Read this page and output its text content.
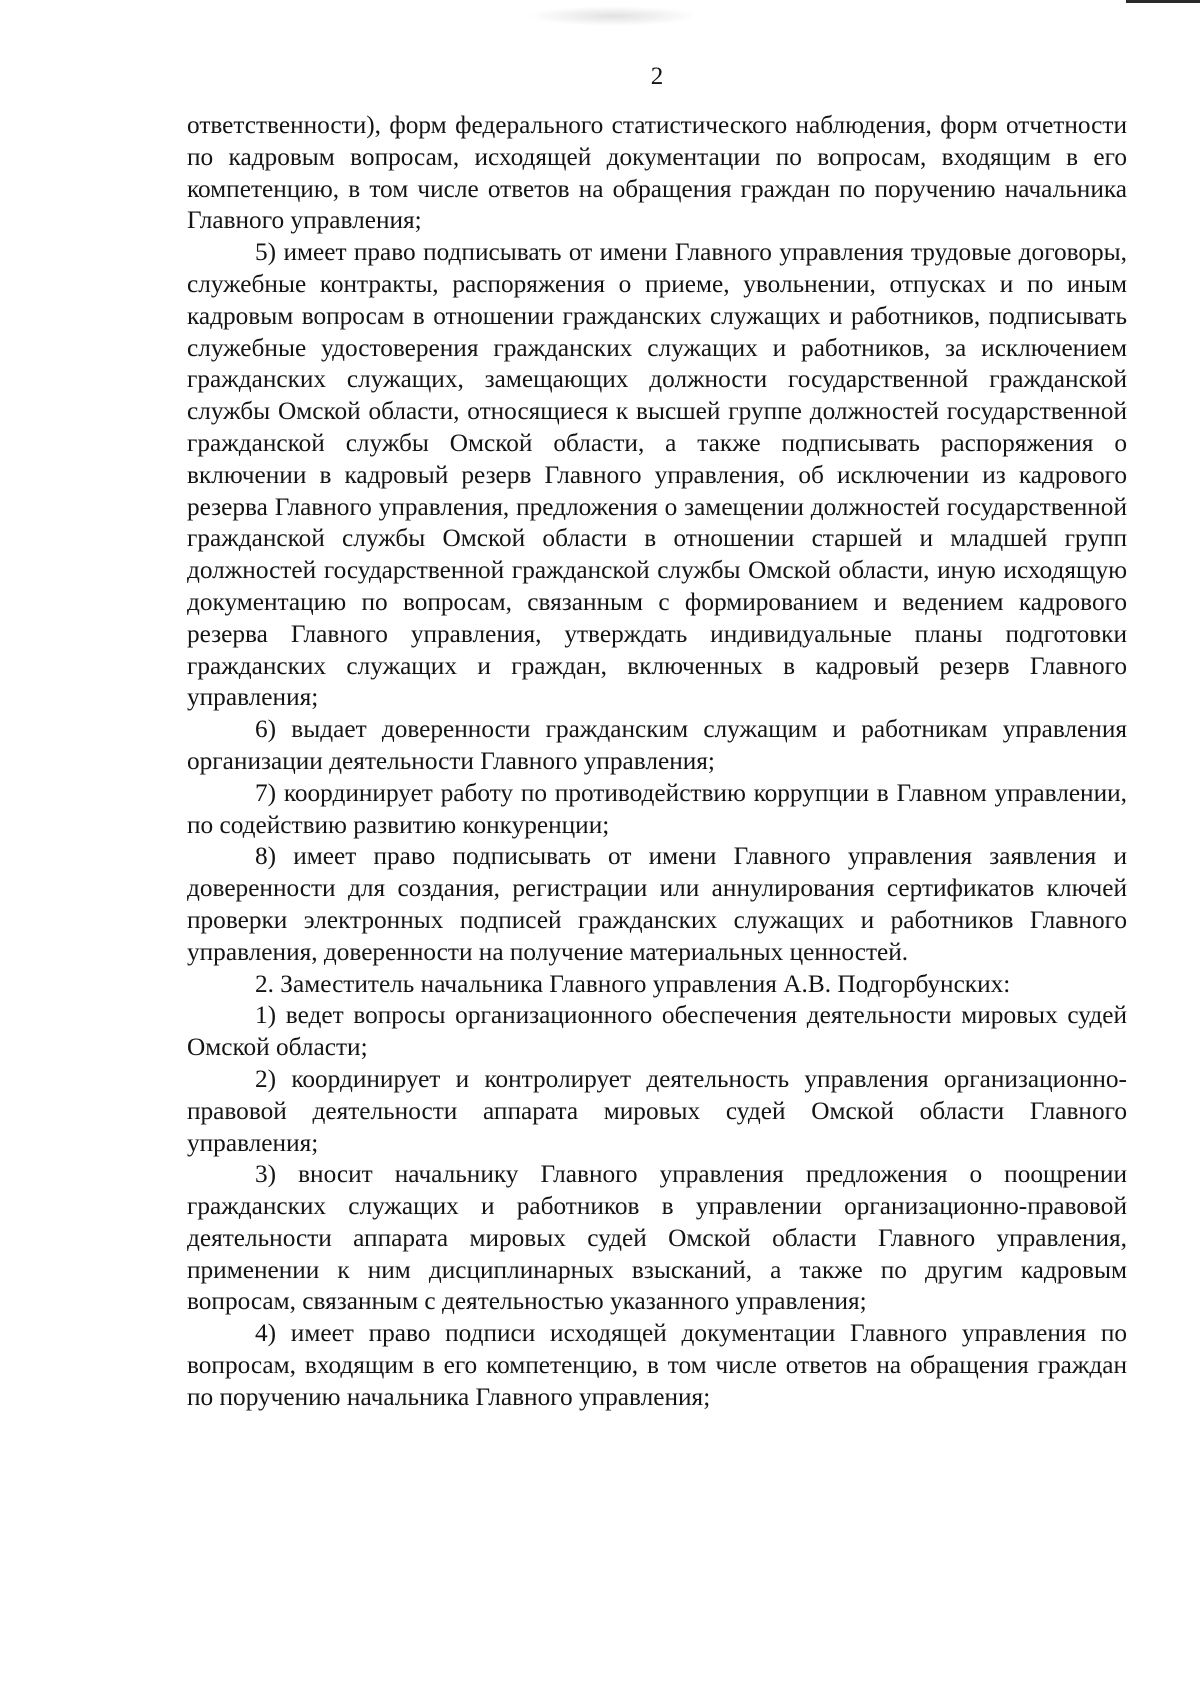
2

ответственности), форм федерального статистического наблюдения, форм отчетности по кадровым вопросам, исходящей документации по вопросам, входящим в его компетенцию, в том числе ответов на обращения граждан по поручению начальника Главного управления;

5) имеет право подписывать от имени Главного управления трудовые договоры, служебные контракты, распоряжения о приеме, увольнении, отпусках и по иным кадровым вопросам в отношении гражданских служащих и работников, подписывать служебные удостоверения гражданских служащих и работников, за исключением гражданских служащих, замещающих должности государственной гражданской службы Омской области, относящиеся к высшей группе должностей государственной гражданской службы Омской области, а также подписывать распоряжения о включении в кадровый резерв Главного управления, об исключении из кадрового резерва Главного управления, предложения о замещении должностей государственной гражданской службы Омской области в отношении старшей и младшей групп должностей государственной гражданской службы Омской области, иную исходящую документацию по вопросам, связанным с формированием и ведением кадрового резерва Главного управления, утверждать индивидуальные планы подготовки гражданских служащих и граждан, включенных в кадровый резерв Главного управления;

6) выдает доверенности гражданским служащим и работникам управления организации деятельности Главного управления;

7) координирует работу по противодействию коррупции в Главном управлении, по содействию развитию конкуренции;

8) имеет право подписывать от имени Главного управления заявления и доверенности для создания, регистрации или аннулирования сертификатов ключей проверки электронных подписей гражданских служащих и работников Главного управления, доверенности на получение материальных ценностей.

2. Заместитель начальника Главного управления А.В. Подгорбунских:

1) ведет вопросы организационного обеспечения деятельности мировых судей Омской области;

2) координирует и контролирует деятельность управления организационно-правовой деятельности аппарата мировых судей Омской области Главного управления;

3) вносит начальнику Главного управления предложения о поощрении гражданских служащих и работников в управлении организационно-правовой деятельности аппарата мировых судей Омской области Главного управления, применении к ним дисциплинарных взысканий, а также по другим кадровым вопросам, связанным с деятельностью указанного управления;

4) имеет право подписи исходящей документации Главного управления по вопросам, входящим в его компетенцию, в том числе ответов на обращения граждан по поручению начальника Главного управления;
